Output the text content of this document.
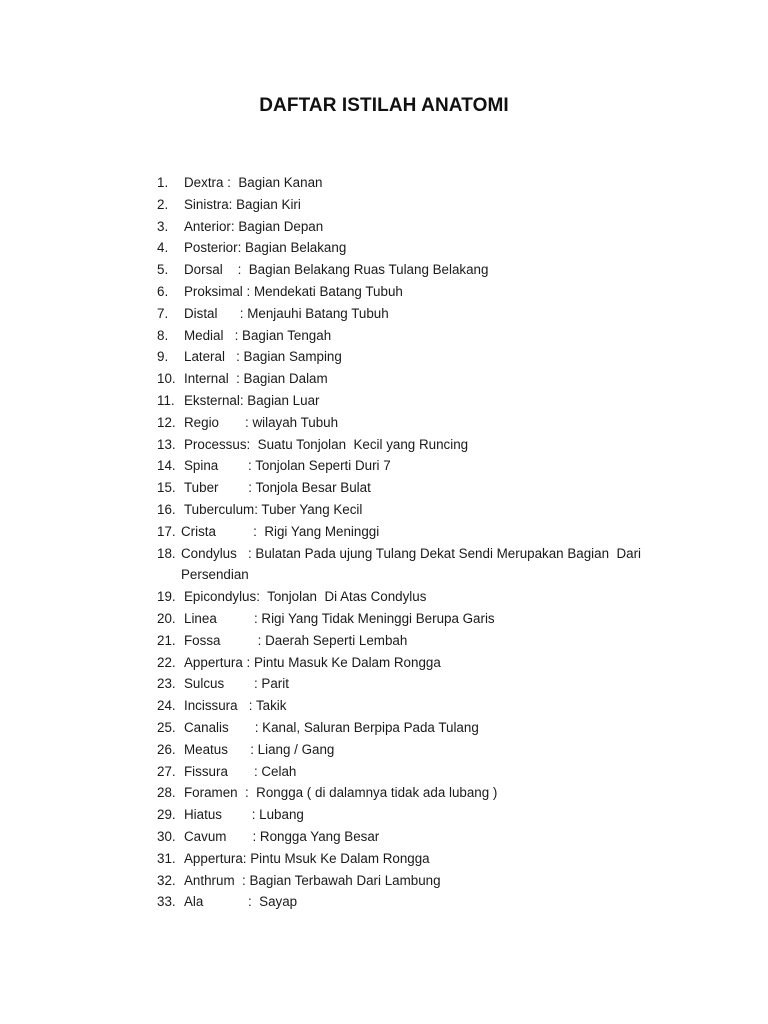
DAFTAR ISTILAH ANATOMI
1.	Dextra :  Bagian Kanan
2.	Sinistra: Bagian Kiri
3.	Anterior: Bagian Depan
4.	Posterior: Bagian Belakang
5.	Dorsal    :  Bagian Belakang Ruas Tulang Belakang
6.	Proksimal : Mendekati Batang Tubuh
7.	Distal      : Menjauhi Batang Tubuh
8.	Medial   : Bagian Tengah
9.	Lateral   : Bagian Samping
10. Internal  : Bagian Dalam
11. Eksternal: Bagian Luar
12. Regio       : wilayah Tubuh
13. Processus:  Suatu Tonjolan  Kecil yang Runcing
14. Spina        : Tonjolan Seperti Duri 7
15. Tuber        : Tonjola Besar Bulat
16. Tuberculum: Tuber Yang Kecil
17. Crista          :  Rigi Yang Meninggi
18. Condylus   : Bulatan Pada ujung Tulang Dekat Sendi Merupakan Bagian  Dari
Persendian
19. Epicondylus:  Tonjolan  Di Atas Condylus
20. Linea          : Rigi Yang Tidak Meninggi Berupa Garis
21. Fossa          : Daerah Seperti Lembah
22. Appertura : Pintu Masuk Ke Dalam Rongga
23. Sulcus        : Parit
24. Incissura   : Takik
25. Canalis       : Kanal, Saluran Berpipa Pada Tulang
26. Meatus      : Liang / Gang
27. Fissura       : Celah
28. Foramen  :  Rongga ( di dalamnya tidak ada lubang )
29. Hiatus        : Lubang
30. Cavum       : Rongga Yang Besar
31. Appertura: Pintu Msuk Ke Dalam Rongga
32. Anthrum  : Bagian Terbawah Dari Lambung
33. Ala            :  Sayap
